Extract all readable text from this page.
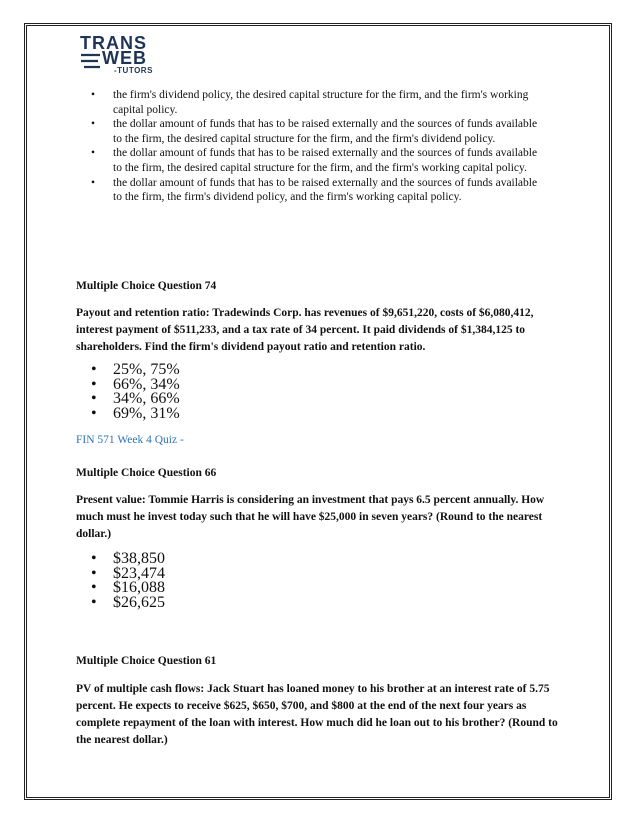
TRANS
WEB
-TUTORS
• the firm's dividend policy, the desired capital structure for the firm, and the firm's working capital policy.
• the dollar amount of funds that has to be raised externally and the sources of funds available to the firm, the desired capital structure for the firm, and the firm's dividend policy.
• the dollar amount of funds that has to be raised externally and the sources of funds available to the firm, the desired capital structure for the firm, and the firm's working capital policy.
• the dollar amount of funds that has to be raised externally and the sources of funds available to the firm, the firm's dividend policy, and the firm's working capital policy.
Multiple Choice Question 74
Payout and retention ratio: Tradewinds Corp. has revenues of $9,651,220, costs of $6,080,412, interest payment of $511,233, and a tax rate of 34 percent. It paid dividends of $1,384,125 to shareholders. Find the firm's dividend payout ratio and retention ratio.
• 25%, 75%
• 66%, 34%
• 34%, 66%
• 69%, 31%
FIN 571 Week 4 Quiz -
Multiple Choice Question 66
Present value: Tommie Harris is considering an investment that pays 6.5 percent annually. How much must he invest today such that he will have $25,000 in seven years? (Round to the nearest dollar.)
• $38,850
• $23,474
• $16,088
• $26,625
Multiple Choice Question 61
PV of multiple cash flows: Jack Stuart has loaned money to his brother at an interest rate of 5.75 percent. He expects to receive $625, $650, $700, and $800 at the end of the next four years as complete repayment of the loan with interest. How much did he loan out to his brother? (Round to the nearest dollar.)
